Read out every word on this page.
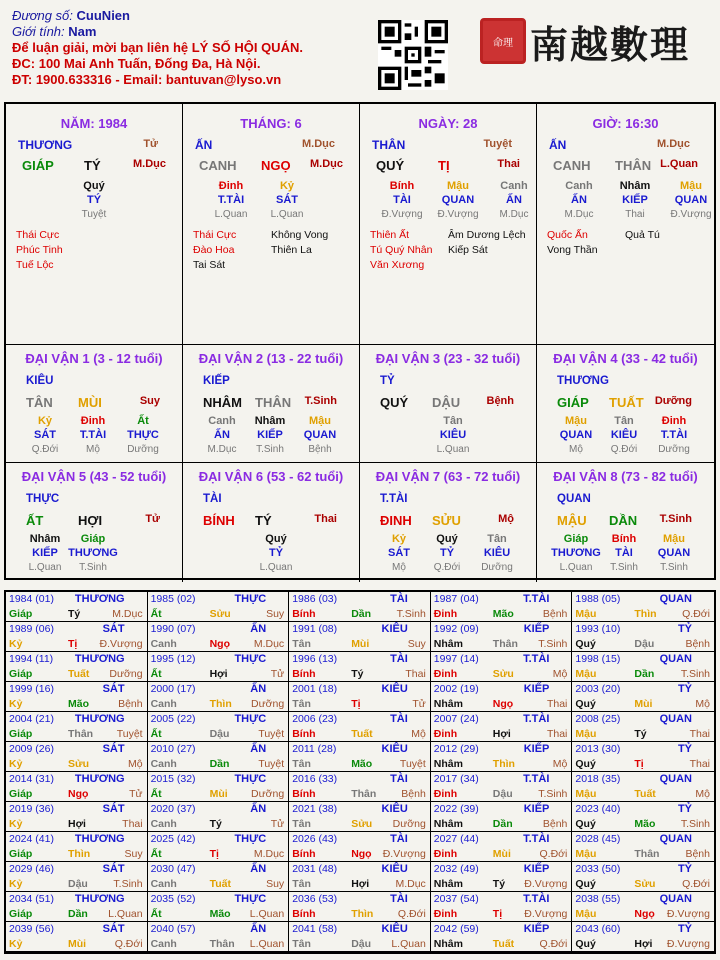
Đương số: CuuNien
Giới tính: Nam
Để luận giải, mời bạn liên hệ LÝ SỐ HỘI QUÁN.
ĐC: 100 Mai Anh Tuấn, Đống Đa, Hà Nội.
ĐT: 1900.633316 - Email: bantuvan@lyso.vn
命理 南越數理
NĂM: 1984
THƯƠNG	Tử
GIÁP TÝ	M.Dục
Quý
TÝ
Tuyệt
Thái Cực
Phúc Tinh
Tuế Lộc
THÁNG: 6
ẤN	M.Dục
CANH NGỌ M.Dục
Đinh
T.TÀI
L.Quan
Kỷ
SÁT
L.Quan
Thái Cực	Không Vong
Đào Hoa	Thiên La
Tai Sát
NGÀY: 28
THÂN	Tuyệt
QUÝ	TỊ	Thai
Bính
TÀI
Đ.Vượng
Mậu
QUAN
Đ.Vượng
Canh
ẤN
M.Dục
Thiên Ất	Âm Dương Lệch
Tú Quý Nhân	Kiếp Sát
Văn Xương
GIỜ: 16:30
ẤN	M.Dục
CANH THÂN L.Quan
Canh
ẤN
M.Dục
Nhâm
KIẾP
Thai
Mậu
QUAN
Đ.Vượng
Quốc Ấn	Quả Tú
Vong Thần
ĐẠI VẬN 1 (3 - 12 tuổi)
KIÊU
TÂN MÙI	Suy
Kỷ
SÁT
Q.Đới
Đinh
T.TÀI
Mộ
Ất
THỰC
Dưỡng
ĐẠI VẬN 2 (13 - 22 tuổi)
KIẾP
NHÂM THÂN T.Sinh
Canh
ẤN
M.Dục
Nhâm
KIẾP
T.Sinh
Mậu
QUAN
Bệnh
ĐẠI VẬN 3 (23 - 32 tuổi)
TỶ
QUÝ DẬU Bệnh
Tân
KIÊU
L.Quan
ĐẠI VẬN 4 (33 - 42 tuổi)
THƯƠNG
GIÁP TUẤT Dưỡng
Mậu
QUAN
Mộ
Tân
KIÊU
Q.Đới
Đinh
T.TÀI
Dưỡng
ĐẠI VẬN 5 (43 - 52 tuổi)
THỰC
ẤT	HỢI	Tử
Nhâm
KIẾP
L.Quan
Giáp
THƯƠNG
T.Sinh
ĐẠI VẬN 6 (53 - 62 tuổi)
TÀI
BÍNH TÝ	Thai
Quý
TỶ
L.Quan
ĐẠI VẬN 7 (63 - 72 tuổi)
T.TÀI
ĐINH SỬU	Mộ
Kỷ
SÁT
Mộ
Quý
TỶ
Q.Đới
Tân
KIÊU
Dưỡng
ĐẠI VẬN 8 (73 - 82 tuổi)
QUAN
MẬU DẦN T.Sinh
Giáp
THƯƠNG
L.Quan
Bính
TÀI
T.Sinh
Mậu
QUAN
T.Sinh
1984 (01) THƯƠNG
Giáp	Tý	M.Dục
1985 (02)	THỰC
Ất	Sửu	Suy
1986 (03)	TÀI
Bính	Dần T.Sinh
1987 (04)	T.TÀI
Đinh	Mão	Bệnh
1988 (05)	QUAN
Mậu	Thìn Q.Đới
1989 (06)	SÁT
Kỷ	Tị Đ.Vượng
1990 (07)	ẤN
Canh	Ngọ M.Dục
1991 (08)	KIÊU
Tân	Mùi	Suy
1992 (09)	KIẾP
Nhâm	Thân T.Sinh
1993 (10)	TỶ
Quý	Dậu	Bệnh
1994 (11) THƯƠNG
Giáp	Tuất Dưỡng
1995 (12)	THỰC
Ất	Hợi	Tử
1996 (13)	TÀI
Bính	Tý	Thai
1997 (14)	T.TÀI
Đinh	Sửu	Mộ
1998 (15)	QUAN
Mậu	Dần	T.Sinh
1999 (16)	SÁT
Kỷ	Mão	Bệnh
2000 (17)	ẤN
Canh	Thìn Dưỡng
2001 (18)	KIÊU
Tân	Tị	Tử
2002 (19)	KIẾP
Nhâm	Ngọ	Thai
2003 (20)	TỶ
Quý	Mùi	Mộ
2004 (21) THƯƠNG
Giáp	Thân Tuyệt
2005 (22)	THỰC
Ất	Dậu	Tuyệt
2006 (23)	TÀI
Bính	Tuất	Mộ
2007 (24)	T.TÀI
Đinh	Hợi	Thai
2008 (25)	QUAN
Mậu	Tý	Thai
2009 (26)	SÁT
Kỷ	Sửu	Mộ
2010 (27)	ẤN
Canh	Dần	Tuyệt
2011 (28)	KIÊU
Tân	Mão	Tuyệt
2012 (29)	KIẾP
Nhâm	Thìn	Mộ
2013 (30)	TỶ
Quý	Tị	Thai
2014 (31) THƯƠNG
Giáp	Ngọ	Tử
2015 (32)	THỰC
Ất	Mùi Dưỡng
2016 (33)	TÀI
Bính	Thân Bệnh
2017 (34)	T.TÀI
Đinh	Dậu T.Sinh
2018 (35)	QUAN
Mậu	Tuất	Mộ
2019 (36)	SÁT
Kỷ	Hợi	Thai
2020 (37)	ẤN
Canh	Tý	Tử
2021 (38)	KIÊU
Tân	Sửu Dưỡng
2022 (39)	KIẾP
Nhâm	Dần	Bệnh
2023 (40)	TỶ
Quý	Mão T.Sinh
2024 (41) THƯƠNG
Giáp	Thìn	Suy
2025 (42)	THỰC
Ất	Tị	M.Dục
2026 (43)	TÀI
Bính	Ngọ Đ.Vượng
2027 (44)	T.TÀI
Đinh	Mùi	Q.Đới
2028 (45)	QUAN
Mậu	Thân Bệnh
2029 (46)	SÁT
Kỷ	Dậu T.Sinh
2030 (47)	ẤN
Canh	Tuất	Suy
2031 (48)	KIÊU
Tân	Hợi	M.Dục
2032 (49)	KIẾP
Nhâm	Tý Đ.Vượng
2033 (50)	TỶ
Quý	Sửu	Q.Đới
2034 (51) THƯƠNG
Giáp	Dần L.Quan
2035 (52)	THỰC
Ất	Mão L.Quan
2036 (53)	TÀI
Bính	Thìn Q.Đới
2037 (54)	T.TÀI
Đinh	Tị Đ.Vượng
2038 (55)	QUAN
Mậu	Ngọ Đ.Vượng
2039 (56)	SÁT
Kỷ	Mùi	Q.Đới
2040 (57)	ẤN
Canh	Thân L.Quan
2041 (58)	KIÊU
Tân	Dậu L.Quan
2042 (59)	KIẾP
Nhâm	Tuất Q.Đới
2043 (60)	TỶ
Quý	Hợi Đ.Vượng
